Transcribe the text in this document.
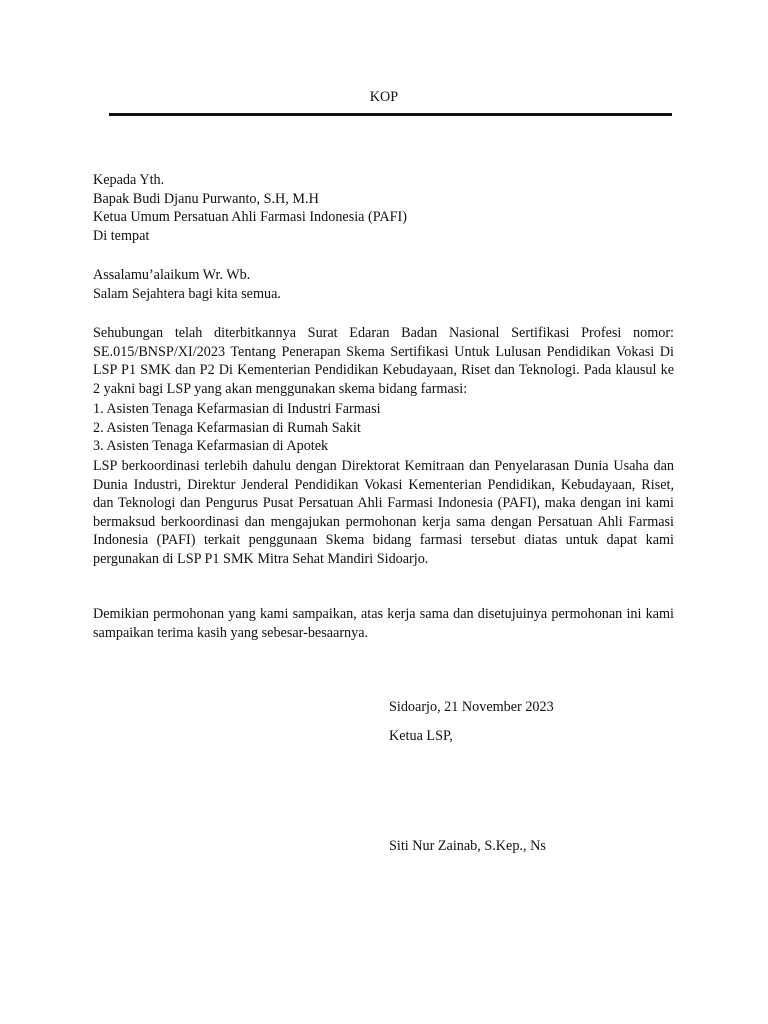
KOP
Kepada Yth.
Bapak Budi Djanu Purwanto, S.H, M.H
Ketua Umum Persatuan Ahli Farmasi Indonesia (PAFI)
Di tempat
Assalamu’alaikum Wr. Wb.
Salam Sejahtera bagi kita semua.
Sehubungan telah diterbitkannya Surat Edaran Badan Nasional Sertifikasi Profesi nomor: SE.015/BNSP/XI/2023 Tentang Penerapan Skema Sertifikasi Untuk Lulusan Pendidikan Vokasi Di LSP P1 SMK dan P2 Di Kementerian Pendidikan Kebudayaan, Riset dan Teknologi. Pada klausul ke 2 yakni bagi LSP yang akan menggunakan skema bidang farmasi:
1. Asisten Tenaga Kefarmasian di Industri Farmasi
2. Asisten Tenaga Kefarmasian di Rumah Sakit
3. Asisten Tenaga Kefarmasian di Apotek
LSP berkoordinasi terlebih dahulu dengan Direktorat Kemitraan dan Penyelarasan Dunia Usaha dan Dunia Industri, Direktur Jenderal Pendidikan Vokasi Kementerian Pendidikan, Kebudayaan, Riset, dan Teknologi dan Pengurus Pusat Persatuan Ahli Farmasi Indonesia (PAFI), maka dengan ini kami bermaksud berkoordinasi dan mengajukan permohonan kerja sama dengan Persatuan Ahli Farmasi Indonesia (PAFI) terkait penggunaan Skema bidang farmasi tersebut diatas untuk dapat kami pergunakan di LSP P1 SMK Mitra Sehat Mandiri Sidoarjo.
Demikian permohonan yang kami sampaikan, atas kerja sama dan disetujuinya permohonan ini kami sampaikan terima kasih yang sebesar-besaarnya.
Sidoarjo, 21 November 2023
Ketua LSP,
Siti Nur Zainab, S.Kep., Ns
